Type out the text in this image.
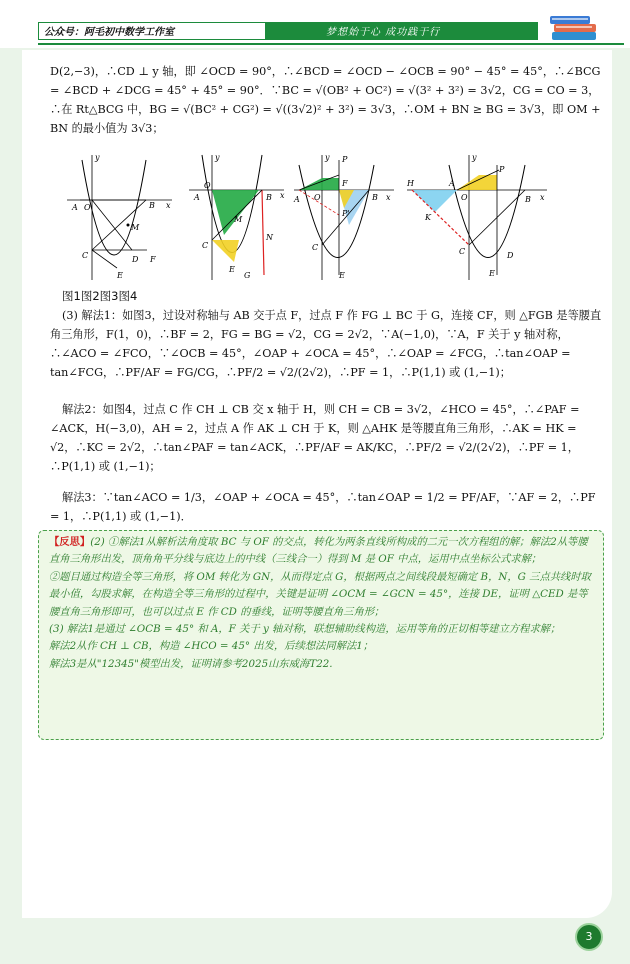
公众号：阿毛初中数学工作室	梦想始于心 成功践于行

D(2,−3)，∴CD ⊥ y 轴，即 ∠OCD = 90°，∴∠BCD = ∠OCD − ∠OCB = 90° − 45° = 45°，∴∠BCG = ∠BCD + ∠DCG = 45° + 45° = 90°．∵BC = √(OB² + OC²) = √(3² + 3²) = 3√2，CG = CO = 3，∴在 Rt△BCG 中，BG = √(BC² + CG²) = √((3√2)² + 3²) = 3√3，∴OM + BN ≥ BG = 3√3，即 OM + BN 的最小值为 3√3；

y
A O	B x
M
C	D F
E
y
A
O
B x
M
N
C
E
G
y P
A O
F
B x
P'
C
E
y
P
H	A
O	B x
K
C	D
E
图1图2图3图4

(3) 解法1：如图3，过设对称轴与 AB 交于点 F，过点 F 作 FG ⊥ BC 于 G，连接 CF，则 △FGB 是等腰直角三角形，F(1，0)，∴BF = 2，FG = BG = √2，CG = 2√2，∵A(−1,0)，∵A，F 关于 y 轴对称，∴∠ACO = ∠FCO，∵∠OCB = 45°，∠OAP + ∠OCA = 45°，∴∠OAP = ∠FCG，∴tan∠OAP = tan∠FCG，∴PF/AF = FG/CG，∴PF/2 = √2/(2√2)，∴PF = 1，∴P(1,1) 或 (1,−1)；

解法2：如图4，过点 C 作 CH ⊥ CB 交 x 轴于 H，则 CH = CB = 3√2，∠HCO = 45°，∴∠PAF = ∠ACK，H(−3,0)，AH = 2，过点 A 作 AK ⊥ CH 于 K，则 △AHK 是等腰直角三角形，∴AK = HK = √2，∴KC = 2√2，∴tan∠PAF = tan∠ACK，∴PF/AF = AK/KC，∴PF/2 = √2/(2√2)，∴PF = 1，∴P(1,1) 或 (1,−1)；

解法3：∵tan∠ACO = 1/3，∠OAP + ∠OCA = 45°，∴tan∠OAP = 1/2 = PF/AF，∵AF = 2，∴PF = 1，∴P(1,1) 或 (1,−1)．

【反思】(2) ①解法1从解析法角度取 BC 与 OF 的交点，转化为两条直线所构成的二元一次方程组的解；解法2从等腰直角三角形出发，顶角角平分线与底边上的中线（三线合一）得到 M 是 OF 中点，运用中点坐标公式求解；

②题目通过构造全等三角形，将 OM 转化为 GN，从而得定点 G，根据两点之间线段最短确定 B，N，G 三点共线时取最小值，勾股求解，在构造全等三角形的过程中，关键是证明 ∠OCM = ∠GCN = 45°，连接 DE，证明 △CED 是等腰直角三角形即可，也可以过点 E 作 CD 的垂线，证明等腰直角三角形；

(3) 解法1是通过 ∠OCB = 45° 和 A，F 关于 y 轴对称，联想辅助线构造，运用等角的正切相等建立方程求解；

解法2从作 CH ⊥ CB，构造 ∠HCO = 45° 出发，后续想法同解法1；

解法3是从"12345"模型出发，证明请参考2025山东威海T22.

3
